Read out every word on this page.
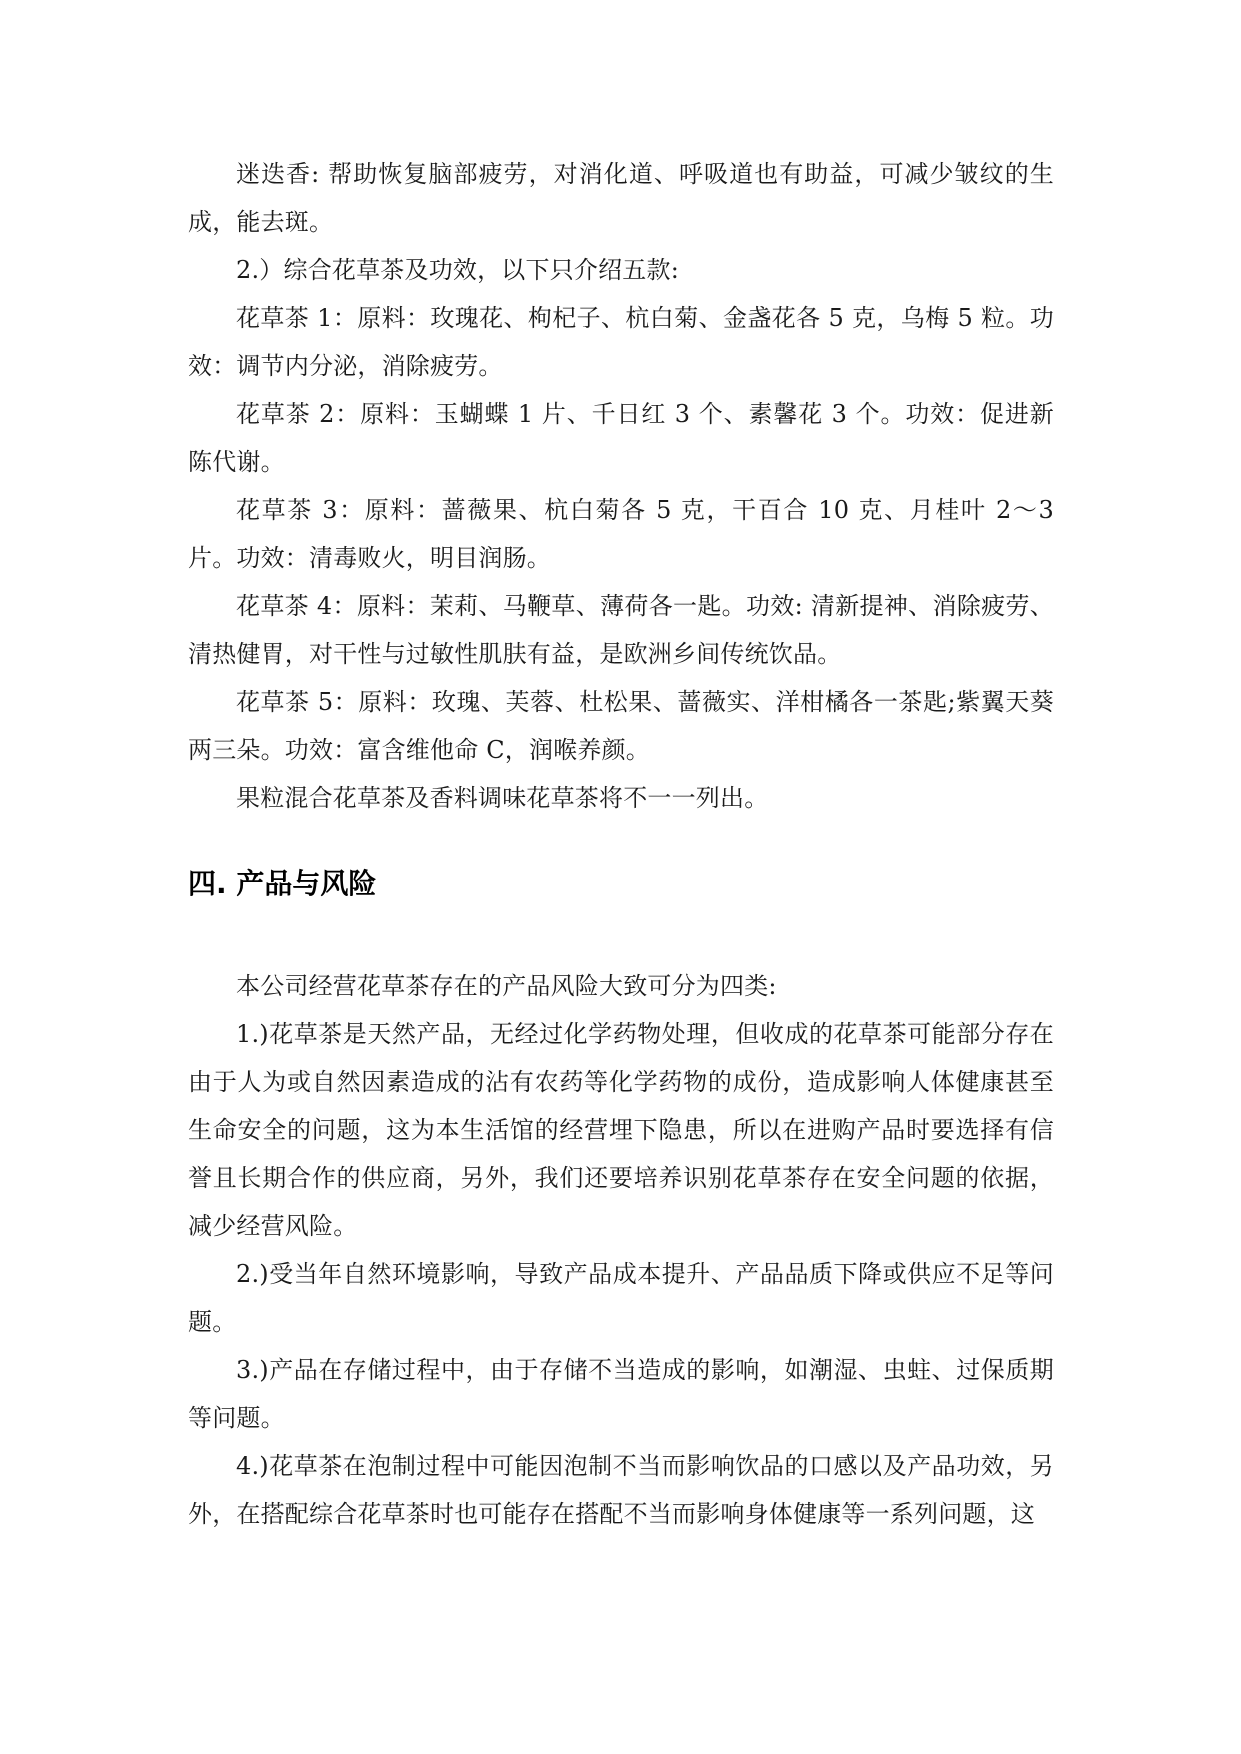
迷迭香: 帮助恢复脑部疲劳，对消化道、呼吸道也有助益，可减少皱纹的生成，能去斑。

2.）综合花草茶及功效，以下只介绍五款:

花草茶 1：原料：玫瑰花、枸杞子、杭白菊、金盏花各 5 克，乌梅 5 粒。功效：调节内分泌，消除疲劳。

花草茶 2：原料：玉蝴蝶 1 片、千日红 3 个、素馨花 3 个。功效：促进新陈代谢。

花草茶 3：原料：蔷薇果、杭白菊各 5 克，干百合 10 克、月桂叶 2～3 片。功效：清毒败火，明目润肠。

花草茶 4：原料：茉莉、马鞭草、薄荷各一匙。功效: 清新提神、消除疲劳、清热健胃，对干性与过敏性肌肤有益，是欧洲乡间传统饮品。

花草茶 5：原料：玫瑰、芙蓉、杜松果、蔷薇实、洋柑橘各一茶匙;紫翼天葵两三朵。功效：富含维他命 C，润喉养颜。

果粒混合花草茶及香料调味花草茶将不一一列出。

四. 产品与风险

本公司经营花草茶存在的产品风险大致可分为四类:

1.)花草茶是天然产品，无经过化学药物处理，但收成的花草茶可能部分存在由于人为或自然因素造成的沾有农药等化学药物的成份，造成影响人体健康甚至生命安全的问题，这为本生活馆的经营埋下隐患，所以在进购产品时要选择有信誉且长期合作的供应商，另外，我们还要培养识别花草茶存在安全问题的依据，减少经营风险。

2.)受当年自然环境影响，导致产品成本提升、产品品质下降或供应不足等问题。

3.)产品在存储过程中，由于存储不当造成的影响，如潮湿、虫蛀、过保质期等问题。

4.)花草茶在泡制过程中可能因泡制不当而影响饮品的口感以及产品功效，另外，在搭配综合花草茶时也可能存在搭配不当而影响身体健康等一系列问题，这
